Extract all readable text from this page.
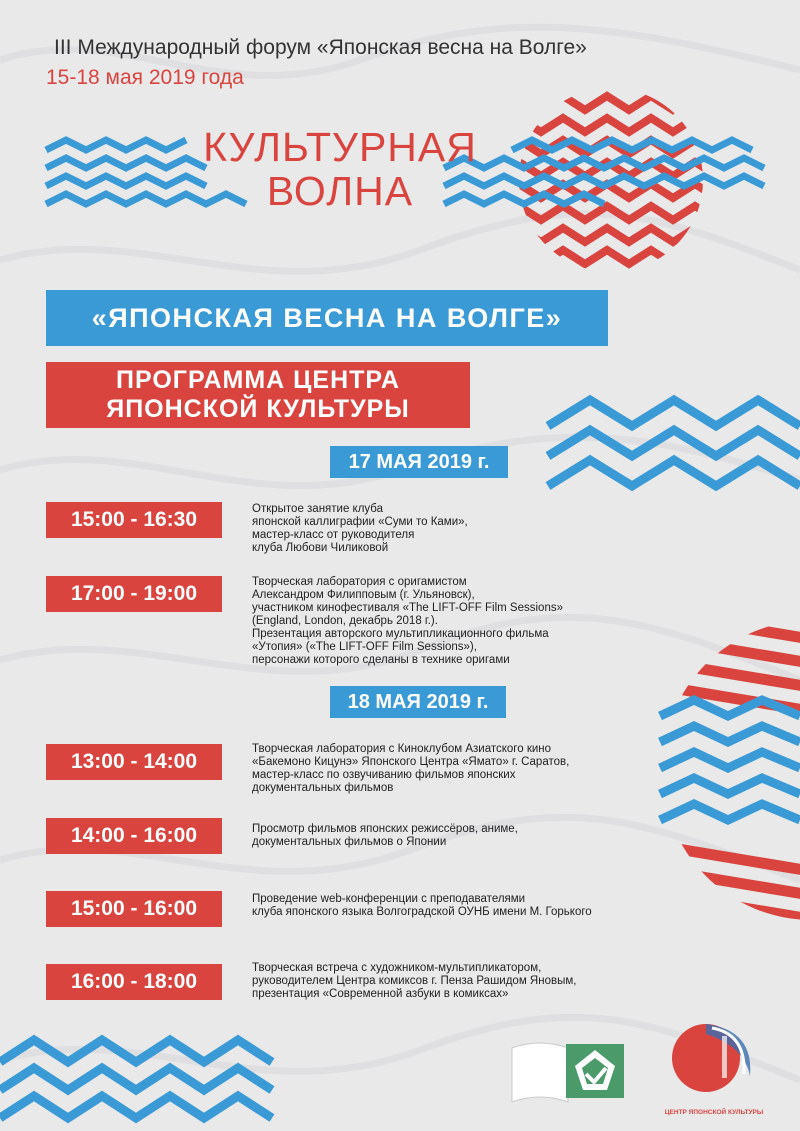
III Международный форум «Японская весна на Волге»
15-18 мая 2019 года
КУЛЬТУРНАЯ
ВОЛНА
«ЯПОНСКАЯ ВЕСНА НА ВОЛГЕ»
ПРОГРАММА ЦЕНТРА
ЯПОНСКОЙ КУЛЬТУРЫ
17 МАЯ 2019 г.
15:00 - 16:30	Открытое занятие клуба
японской каллиграфии «Суми то Ками»,
мастер-класс от руководителя
клуба Любови Чиликовой
17:00 - 19:00	Творческая лаборатория с оригамистом
Александром Филипповым (г. Ульяновск),
участником кинофестиваля «The LIFT-OFF Film Sessions»
(England, London, декабрь 2018 г.).
Презентация авторского мультипликационного фильма
«Утопия» («The LIFT-OFF Film Sessions»),
персонажи которого сделаны в технике оригами
18 МАЯ 2019 г.
13:00 - 14:00
Творческая лаборатория с Киноклубом Азиатского кино
«Бакемоно Кицунэ» Японского Центра «Ямато» г. Саратов,
мастер-класс по озвучиванию фильмов японских
документальных фильмов
14:00 - 16:00	Просмотр фильмов японских режиссёров, аниме,
документальных фильмов о Японии
15:00 - 16:00	Проведение web-конференции с преподавателями
клуба японского языка Волгоградской ОУНБ имени М. Горького
16:00 - 18:00
Творческая встреча с художником-мультипликатором,
руководителем Центра комиксов г. Пенза Рашидом Яновым,
презентация «Современной азбуки в комиксах»
ЦЕНТР ЯПОНСКОЙ КУЛЬТУРЫ
